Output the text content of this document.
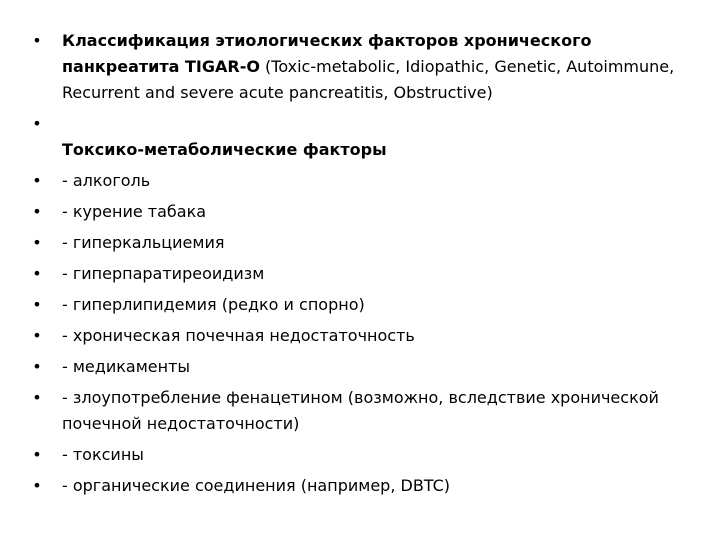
• Классификация этиологических факторов хронического панкреатита TIGAR-O (Toxic-metabolic, Idiopathic, Genetic, Autoimmune, Recurrent and severe acute pancreatitis, Obstructive)
•

Токсико-метаболические факторы
• - алкоголь
• - курение табака
• - гиперкальциемия
• - гиперпаратиреоидизм
• - гиперлипидемия (редко и спорно)
• - хроническая почечная недостаточность
• - медикаменты
• - злоупотребление фенацетином (возможно, вследствие хронической почечной недостаточности)
• - токсины
• - органические соединения (например, DBTC)
